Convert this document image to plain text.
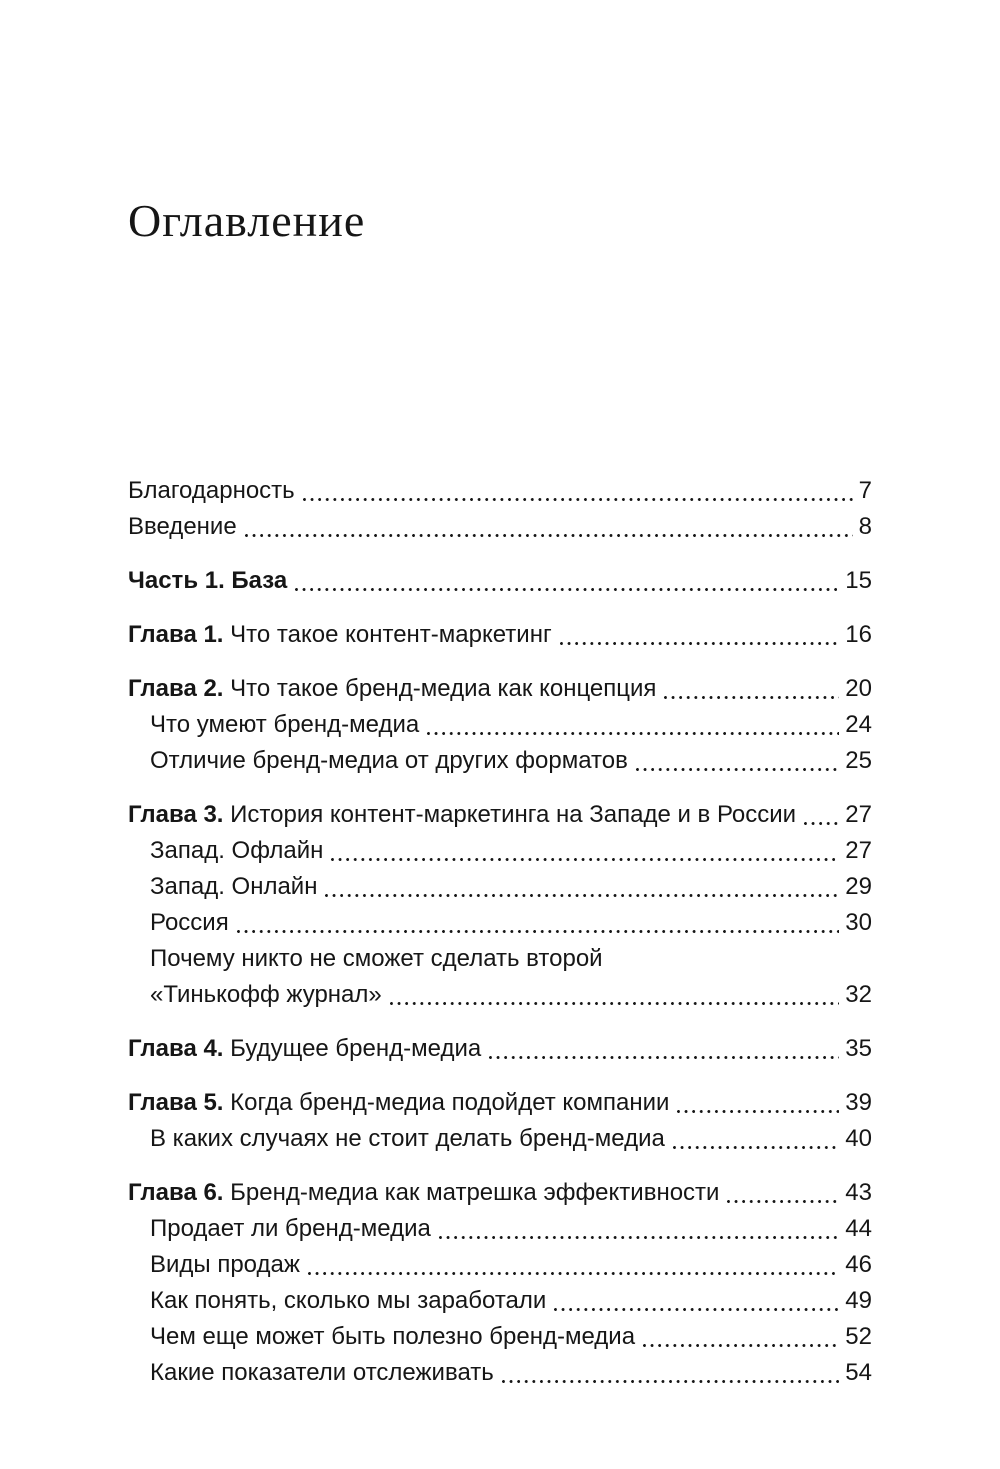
Оглавление
Благодарность	7
Введение	8
Часть 1. База	15
Глава 1. Что такое контент-маркетинг	16
Глава 2. Что такое бренд-медиа как концепция	20
Что умеют бренд-медиа	24
Отличие бренд-медиа от других форматов	25
Глава 3. История контент-маркетинга на Западе и в России 27
Запад. Офлайн	27
Запад. Онлайн	29
Россия	30
Почему никто не сможет сделать второй
«Тинькофф журнал»	32
Глава 4. Будущее бренд-медиа	35
Глава 5. Когда бренд-медиа подойдет компании	39
В каких случаях не стоит делать бренд-медиа	40
Глава 6. Бренд-медиа как матрешка эффективности	43
Продает ли бренд-медиа	44
Виды продаж	46
Как понять, сколько мы заработали	49
Чем еще может быть полезно бренд-медиа	52
Какие показатели отслеживать	54
